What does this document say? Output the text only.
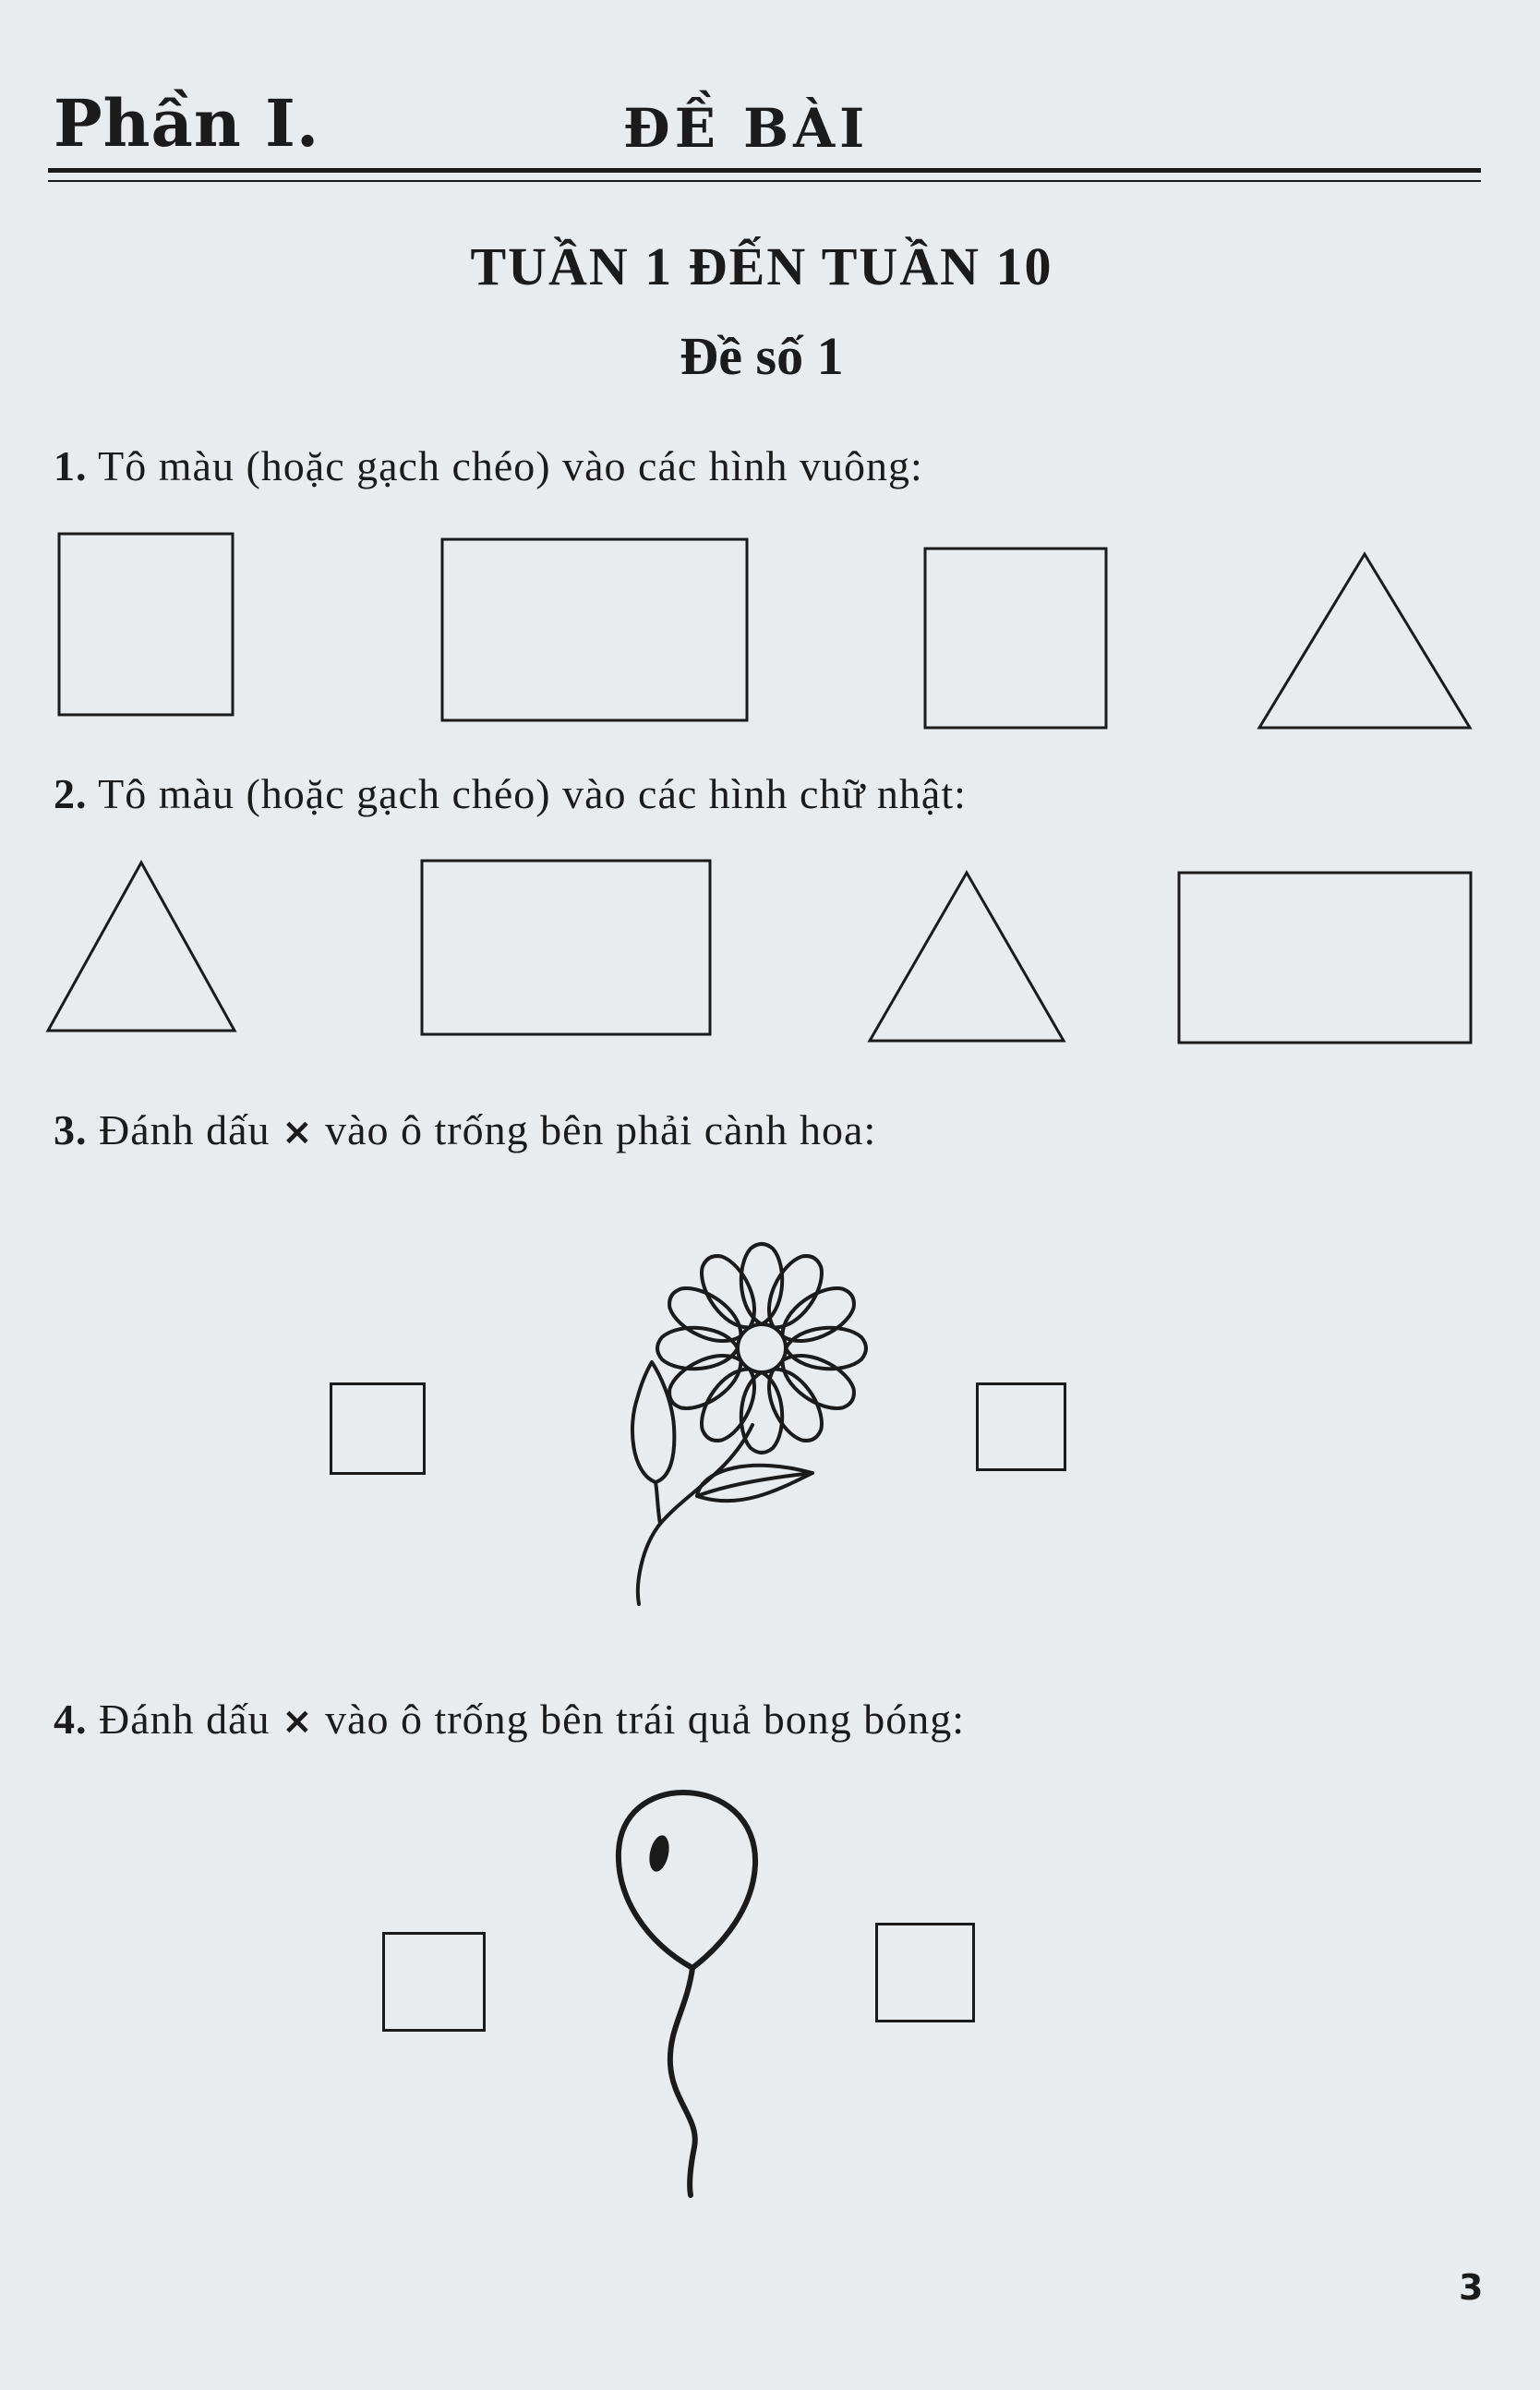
Phần I.	ĐỀ BÀI
TUẦN 1 ĐẾN TUẦN 10
Đề số 1
1. Tô màu (hoặc gạch chéo) vào các hình vuông:
2. Tô màu (hoặc gạch chéo) vào các hình chữ nhật:
3. Đánh dấu × vào ô trống bên phải cành hoa:
4. Đánh dấu × vào ô trống bên trái quả bong bóng:
3
